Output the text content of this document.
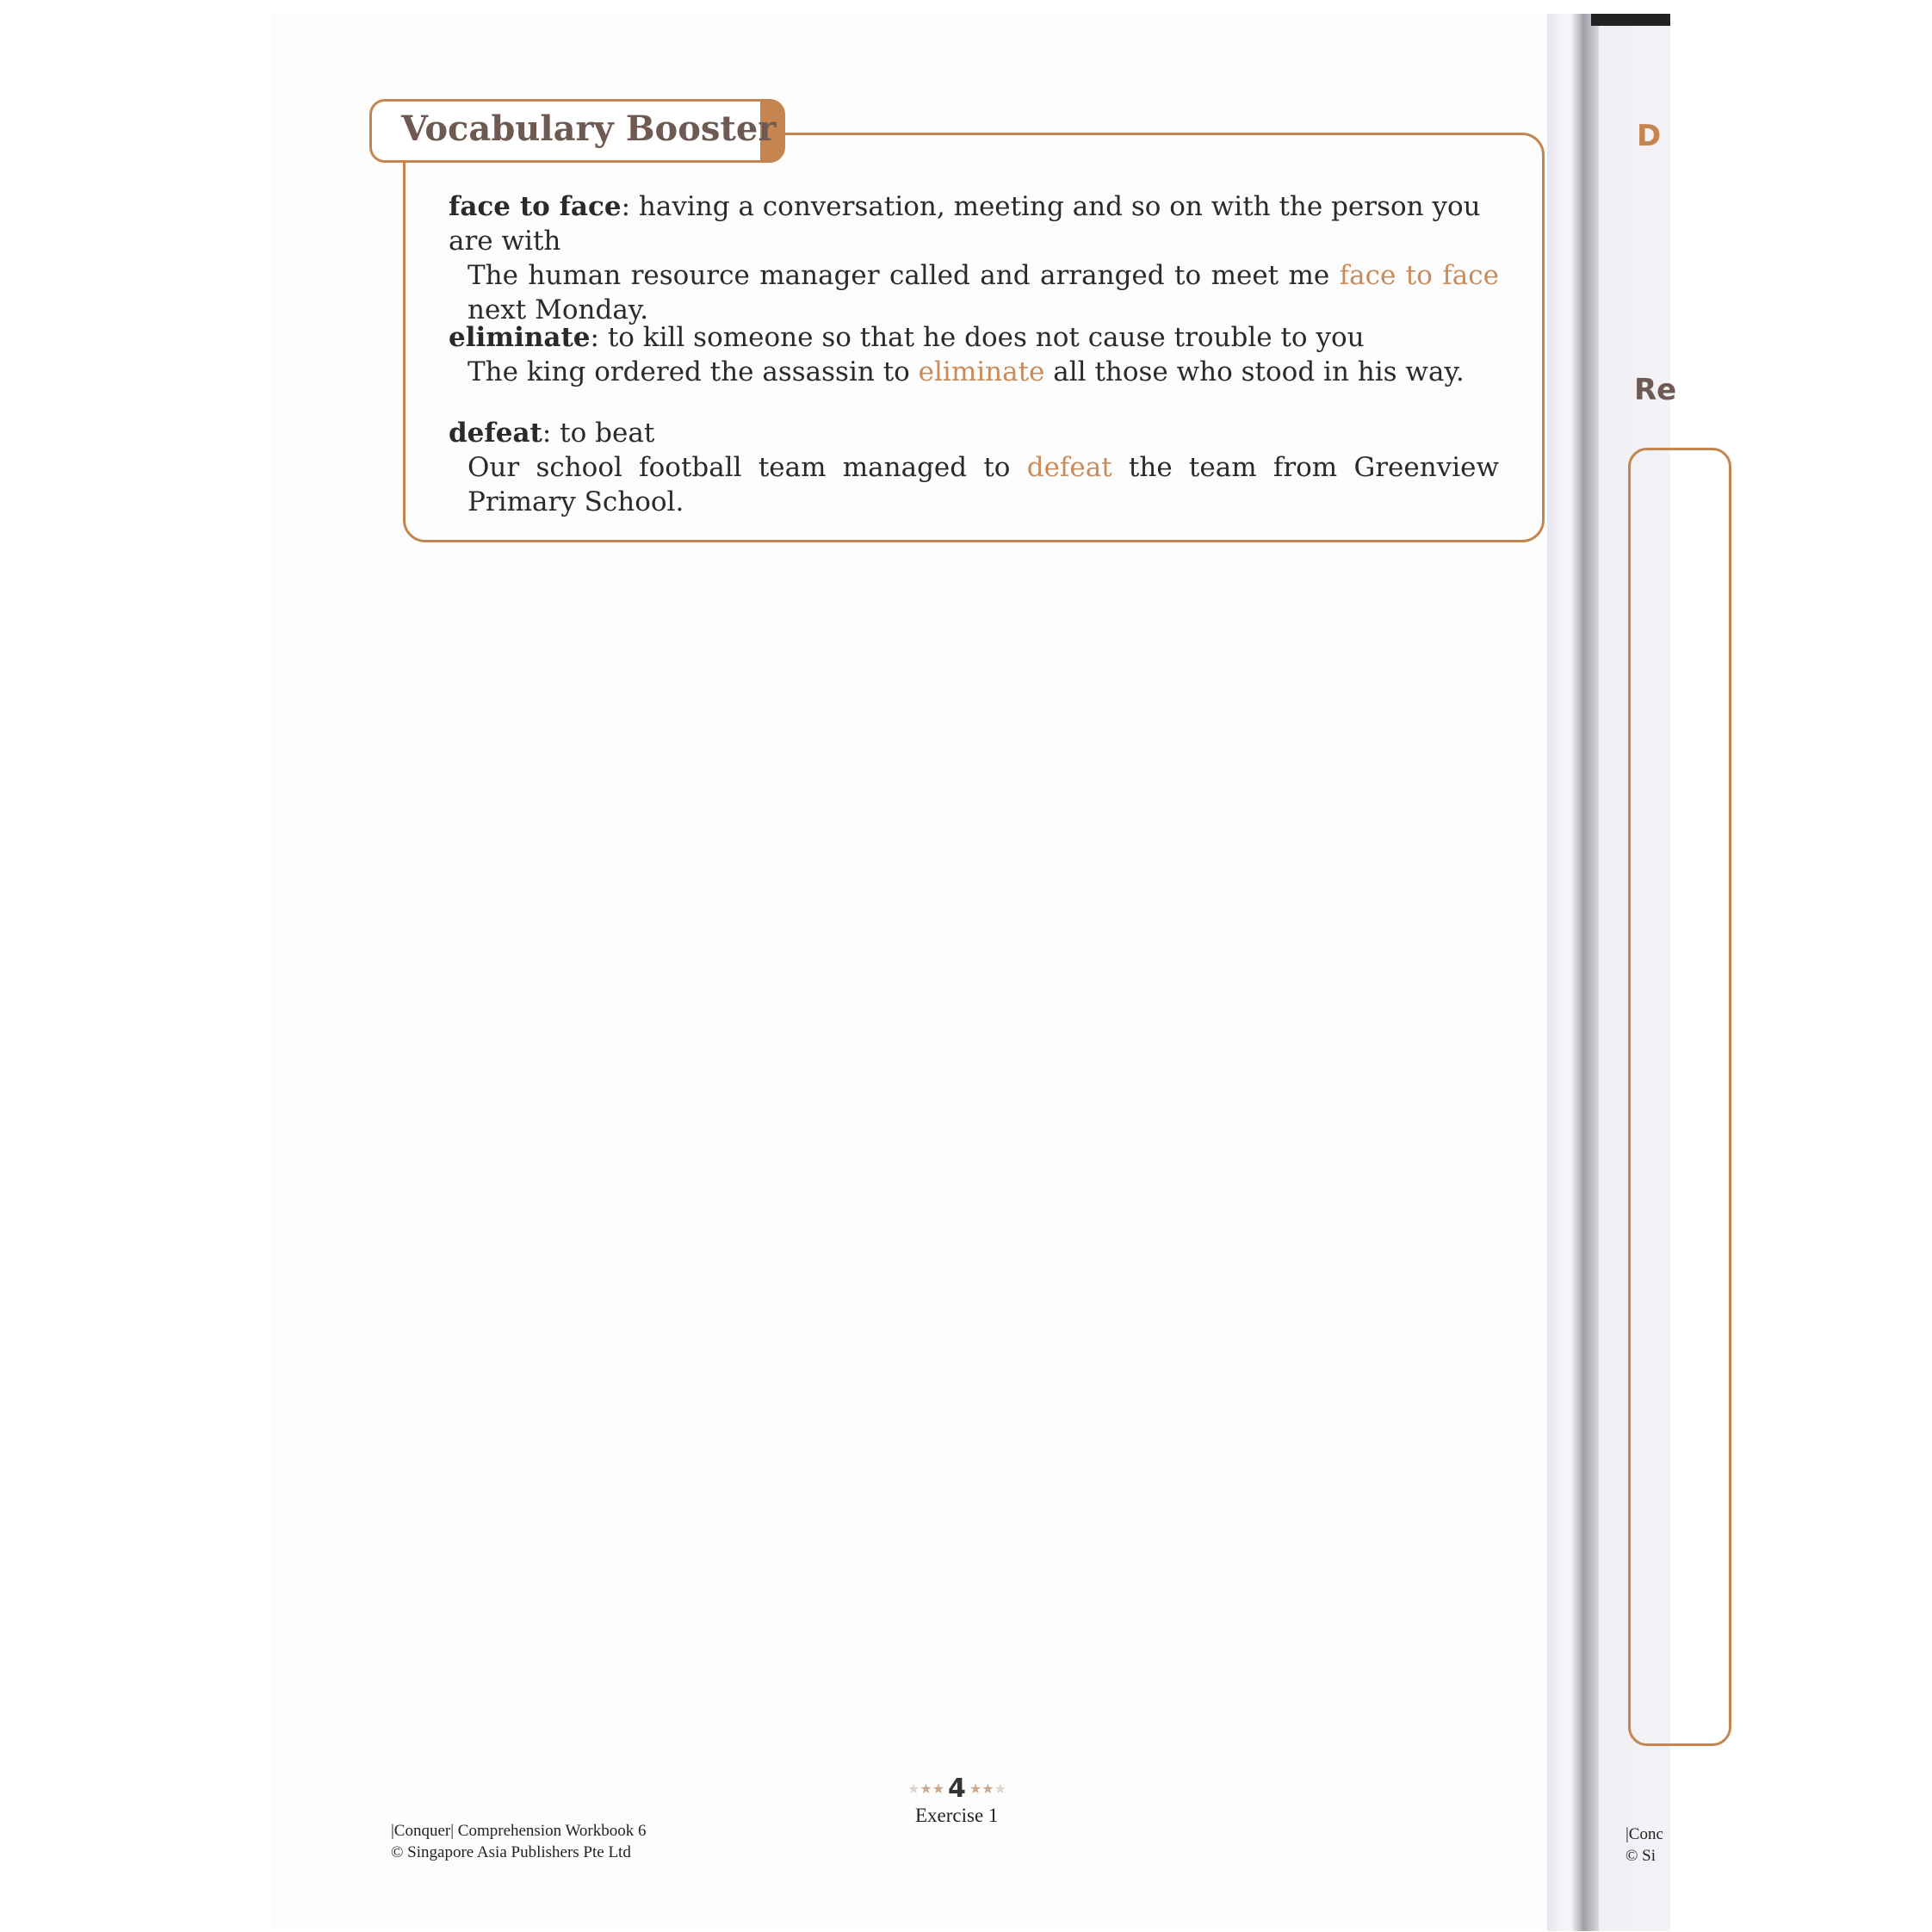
Vocabulary Booster
face to face: having a conversation, meeting and so on with the person you are with
The human resource manager called and arranged to meet me face to face next Monday.
eliminate: to kill someone so that he does not cause trouble to you
The king ordered the assassin to eliminate all those who stood in his way.
defeat: to beat
Our school football team managed to defeat the team from Greenview Primary School.
★★★ 4 ★★★
Exercise 1
|Conquer| Comprehension Workbook 6
© Singapore Asia Publishers Pte Ltd
D
Re
|Conc
© Si
